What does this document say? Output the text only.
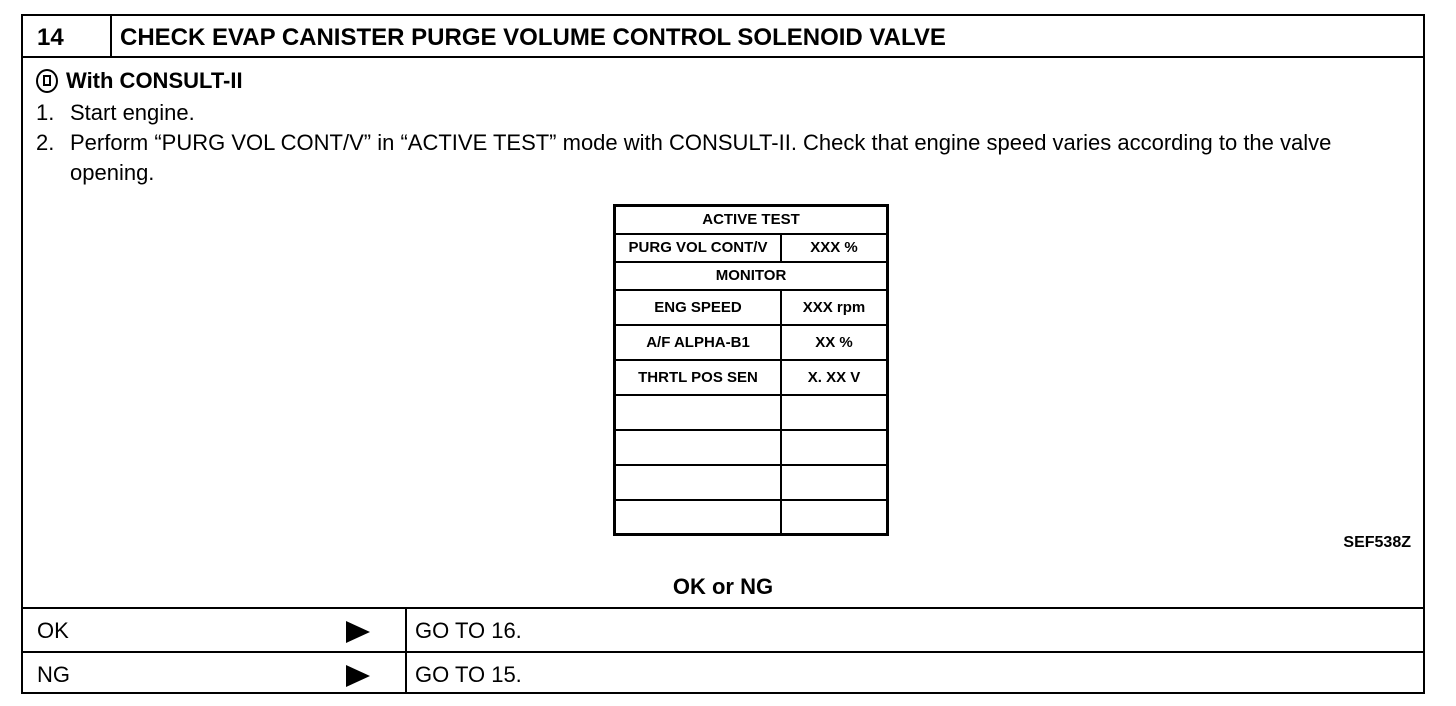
14	CHECK EVAP CANISTER PURGE VOLUME CONTROL SOLENOID VALVE
With CONSULT-II
1. Start engine.
2. Perform “PURG VOL CONT/V” in “ACTIVE TEST” mode with CONSULT-II. Check that engine speed varies according to the valve opening.
ACTIVE TEST	
PURG VOL CONT/V	XXX %
MONITOR	
ENG SPEED	XXX rpm
A/F ALPHA-B1	XX %
THRTL POS SEN	X. XX V

SEF538Z
OK or NG
OK	GO TO 16.
NG	GO TO 15.
